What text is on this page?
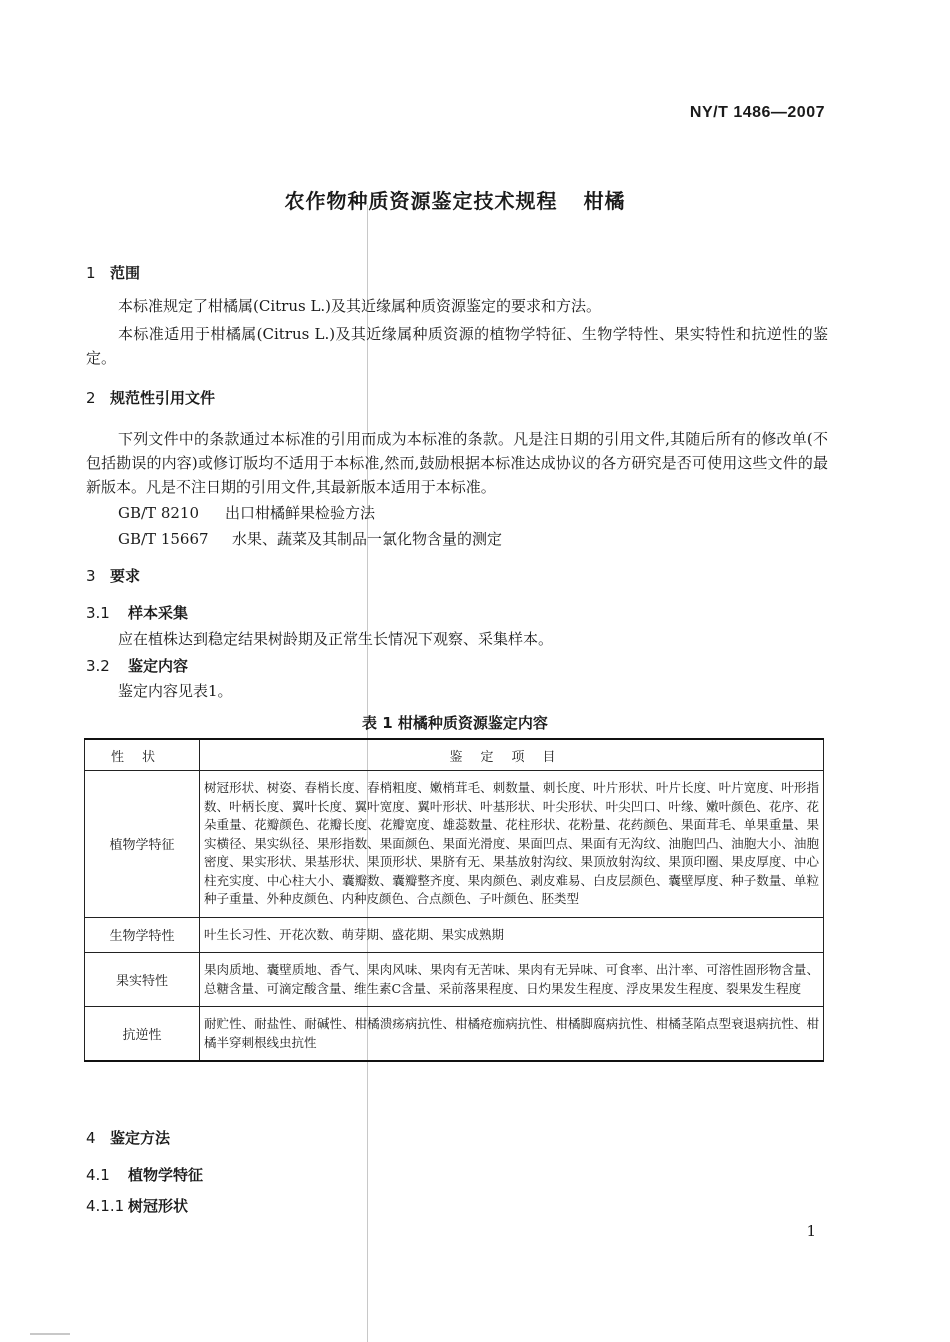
NY/T 1486—2007
农作物种质资源鉴定技术规程 柑橘
1 范围
本标准规定了柑橘属(Citrus L.)及其近缘属种质资源鉴定的要求和方法。
本标准适用于柑橘属(Citrus L.)及其近缘属种质资源的植物学特征、生物学特性、果实特性和抗逆性的鉴定。
2 规范性引用文件
下列文件中的条款通过本标准的引用而成为本标准的条款。凡是注日期的引用文件,其随后所有的修改单(不包括勘误的内容)或修订版均不适用于本标准,然而,鼓励根据本标准达成协议的各方研究是否可使用这些文件的最新版本。凡是不注日期的引用文件,其最新版本适用于本标准。
GB/T 8210 出口柑橘鲜果检验方法
GB/T 15667 水果、蔬菜及其制品一氯化物含量的测定
3 要求
3.1 样本采集
应在植株达到稳定结果树龄期及正常生长情况下观察、采集样本。
3.2 鉴定内容
鉴定内容见表1。
表 1 柑橘种质资源鉴定内容
性状	鉴定项目
植物学特征	树冠形状、树姿、春梢长度、春梢粗度、嫩梢茸毛、刺数量、刺长度、叶片形状、叶片长度、叶片宽度、叶形指数、叶柄长度、翼叶长度、翼叶宽度、翼叶形状、叶基形状、叶尖形状、叶尖凹口、叶缘、嫩叶颜色、花序、花朵重量、花瓣颜色、花瓣长度、花瓣宽度、雄蕊数量、花柱形状、花粉量、花药颜色、果面茸毛、单果重量、果实横径、果实纵径、果形指数、果面颜色、果面光滑度、果面凹点、果面有无沟纹、油胞凹凸、油胞大小、油胞密度、果实形状、果基形状、果顶形状、果脐有无、果基放射沟纹、果顶放射沟纹、果顶印圈、果皮厚度、中心柱充实度、中心柱大小、囊瓣数、囊瓣整齐度、果肉颜色、剥皮难易、白皮层颜色、囊壁厚度、种子数量、单粒种子重量、外种皮颜色、内种皮颜色、合点颜色、子叶颜色、胚类型
生物学特性	叶生长习性、开花次数、萌芽期、盛花期、果实成熟期
果实特性	果肉质地、囊壁质地、香气、果肉风味、果肉有无苦味、果肉有无异味、可食率、出汁率、可溶性固形物含量、总糖含量、可滴定酸含量、维生素C含量、采前落果程度、日灼果发生程度、浮皮果发生程度、裂果发生程度
抗逆性	耐贮性、耐盐性、耐碱性、柑橘溃疡病抗性、柑橘疮痂病抗性、柑橘脚腐病抗性、柑橘茎陷点型衰退病抗性、柑橘半穿刺根线虫抗性
4 鉴定方法
4.1 植物学特征
4.1.1 树冠形状
1
